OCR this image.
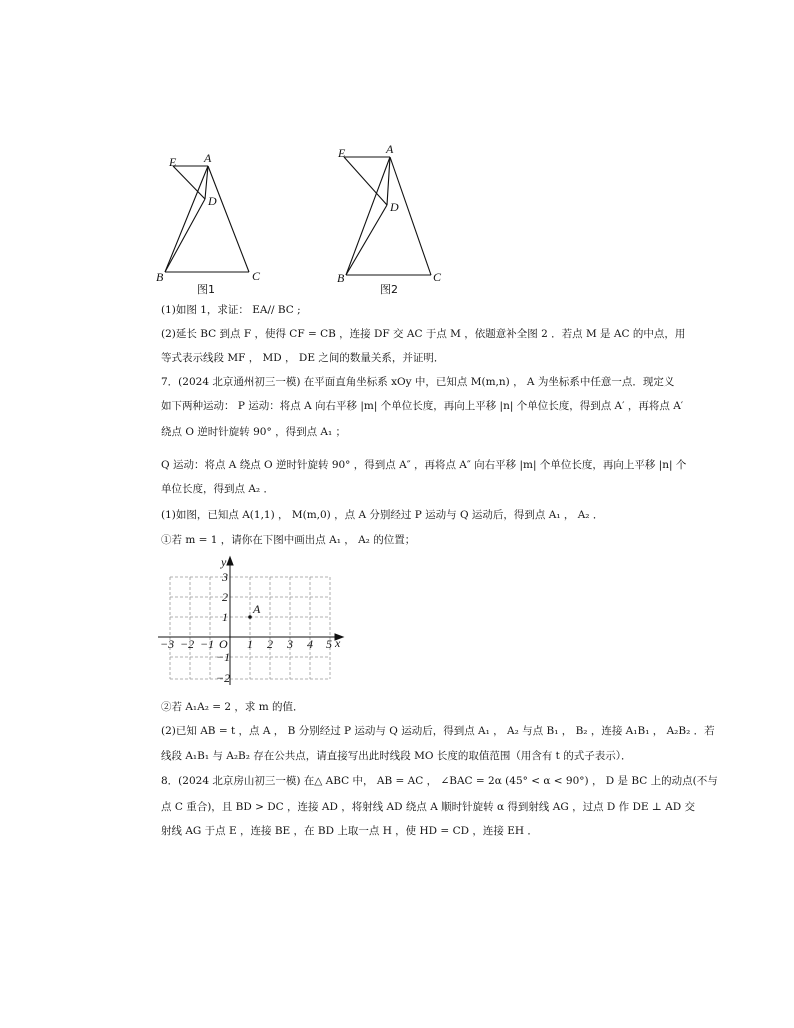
E A
D
B	C
图1
E	A
D
B	C
图2
(1)如图 1，求证： EA// BC ;
(2)延长 BC 到点 F ，使得 CF = CB ，连接 DF 交 AC 于点 M ，依题意补全图 2 ．若点 M 是 AC 的中点，用
等式表示线段 MF ， MD ， DE 之间的数量关系，并证明．
7．(2024 北京通州初三一模) 在平面直角坐标系 xOy 中，已知点 M(m,n) ， A 为坐标系中任意一点．现定义
如下两种运动： P 运动：将点 A 向右平移 |m| 个单位长度，再向上平移 |n| 个单位长度，得到点 A′ ，再将点 A′
绕点 O 逆时针旋转 90° ，得到点 A₁ ；
Q 运动：将点 A 绕点 O 逆时针旋转 90° ，得到点 A″ ，再将点 A″ 向右平移 |m| 个单位长度，再向上平移 |n| 个
单位长度，得到点 A₂ ．
(1)如图，已知点 A(1,1) ， M(m,0) ，点 A 分别经过 P 运动与 Q 运动后，得到点 A₁ ， A₂ ．
①若 m = 1 ，请你在下图中画出点 A₁ ， A₂ 的位置；
A
y
x
O
−3 −2 −1	1 2 3 4 5
3
2
1
−1
−2
②若 A₁A₂ = 2 ，求 m 的值．
(2)已知 AB = t ，点 A ， B 分别经过 P 运动与 Q 运动后，得到点 A₁ ， A₂ 与点 B₁ ， B₂ ，连接 A₁B₁ ， A₂B₂ ．若
线段 A₁B₁ 与 A₂B₂ 存在公共点，请直接写出此时线段 MO 长度的取值范围（用含有 t 的式子表示）．
8．(2024 北京房山初三一模) 在△ ABC 中， AB = AC ， ∠BAC = 2α (45° < α < 90°) ， D 是 BC 上的动点(不与
点 C 重合)，且 BD > DC ，连接 AD ，将射线 AD 绕点 A 顺时针旋转 α 得到射线 AG ，过点 D 作 DE ⊥ AD 交
射线 AG 于点 E ，连接 BE ，在 BD 上取一点 H ，使 HD = CD ，连接 EH ．
